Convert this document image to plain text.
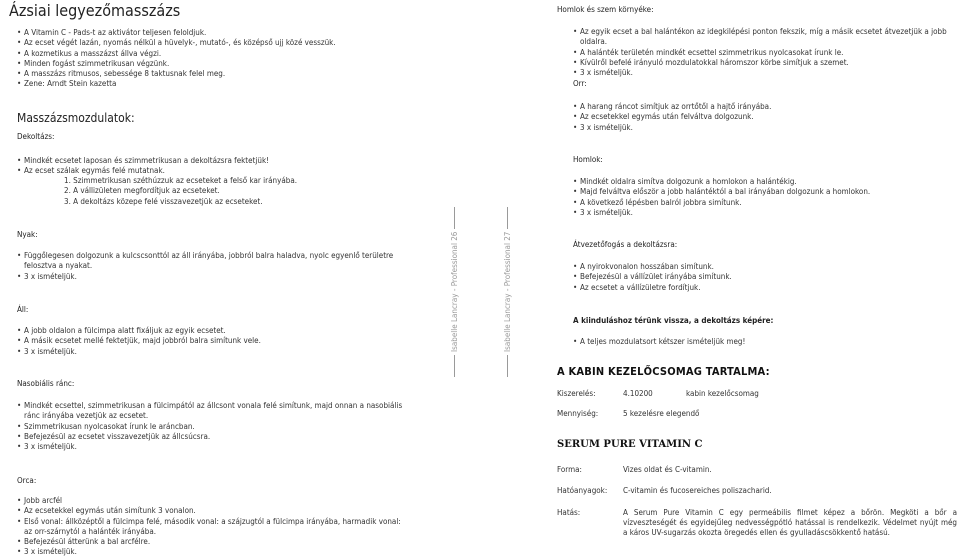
Ázsiai legyezőmasszázs
• A Vitamin C - Pads-t az aktivátor teljesen feloldjuk.
• Az ecset végét lazán, nyomás nélkül a hüvelyk-, mutató-, és középső ujj közé vesszük.
• A kozmetikus a masszázst állva végzi.
• Minden fogást szimmetrikusan végzünk.
• A masszázs ritmusos, sebessége 8 taktusnak felel meg.
• Zene: Arndt Stein kazetta
Masszázsmozdulatok:
Dekoltázs:
• Mindkét ecsetet laposan és szimmetrikusan a dekoltázsra fektetjük!
• Az ecset szálak egymás felé mutatnak.
1. Szimmetrikusan széthúzzuk az ecseteket a felső kar irányába.
2. A vállizületen megfordítjuk az ecseteket.
3. A dekoltázs közepe felé visszavezetjük az ecseteket.
Nyak:
• Függőlegesen dolgozunk a kulcscsonttól az áll irányába, jobbról balra haladva, nyolc egyenlő területre felosztva a nyakat.
• 3 x ismételjük.
Áll:
• A jobb oldalon a fülcimpa alatt fixáljuk az egyik ecsetet.
• A másik ecsetet mellé fektetjük, majd jobbról balra simítunk vele.
• 3 x ismételjük.
Nasobiális ránc:
• Mindkét ecsettel, szimmetrikusan a fülcimpától az állcsont vonala felé simítunk, majd onnan a nasobiális ránc irányába vezetjük az ecsetet.
• Szimmetrikusan nyolcasokat írunk le aráncban.
• Befejezésül az ecsetet visszavezetjük az állcsúcsra.
• 3 x ismételjük.
Orca:
• Jobb arcfél
• Az ecsetekkel egymás után simítunk 3 vonalon.
• Első vonal: állközéptől a fülcimpa felé, második vonal: a szájzugtól a fülcimpa irányába, harmadik vonal: az orr-szárnytól a halánték irányába.
• Befejezésül átterünk a bal arcfélre.
• 3 x ismételjük.
Isabelle Lancray - Professional 26	Isabelle Lancray - Professional 27
Homlok és szem környéke:
• Az egyik ecset a bal halántékon az idegkilépési ponton fekszik, míg a másik ecsetet átvezetjük a jobb oldalra.
• A halánték területén mindkét ecsettel szimmetrikus nyolcasokat írunk le.
• Kívülről befelé irányuló mozdulatokkal háromszor körbe simítjuk a szemet.
• 3 x ismételjük.
Orr:
• A harang ráncot simítjuk az orrtőtől a hajtő irányába.
• Az ecsetekkel egymás után felváltva dolgozunk.
• 3 x ismételjük.
Homlok:
• Mindkét oldalra simítva dolgozunk a homlokon a halántékig.
• Majd felváltva először a jobb halántéktól a bal irányában dolgozunk a homlokon.
• A következő lépésben balról jobbra simítunk.
• 3 x ismételjük.
Átvezetőfogás a dekoltázsra:
• A nyirokvonalon hosszában simítunk.
• Befejezésül a vállízület irányába simítunk.
• Az ecsetet a vállízületre fordítjuk.
A kiinduláshoz térünk vissza, a dekoltázs képére:
• A teljes mozdulatsort kétszer ismételjük meg!
A KABIN KEZELŐCSOMAG TARTALMA:
Kiszerelés:	4.10200	kabin kezelőcsomag

Mennyiség:	5 kezelésre elegendő	
SERUM PURE VITAMIN C
Forma:	Vizes oldat és C-vitamin.

Hatóanyagok:	C-vitamin és fucosereiches poliszacharid.

Hatás:	A Serum Pure Vitamin C egy permeábilis filmet képez a bőrön. Megköti a bőr a vízveszteségét és egyidejűleg nedvességpótló hatással is rendelkezik. Védelmet nyújt még a káros UV-sugarzás okozta öregedés ellen és gyulladáscsökkentő hatású.
